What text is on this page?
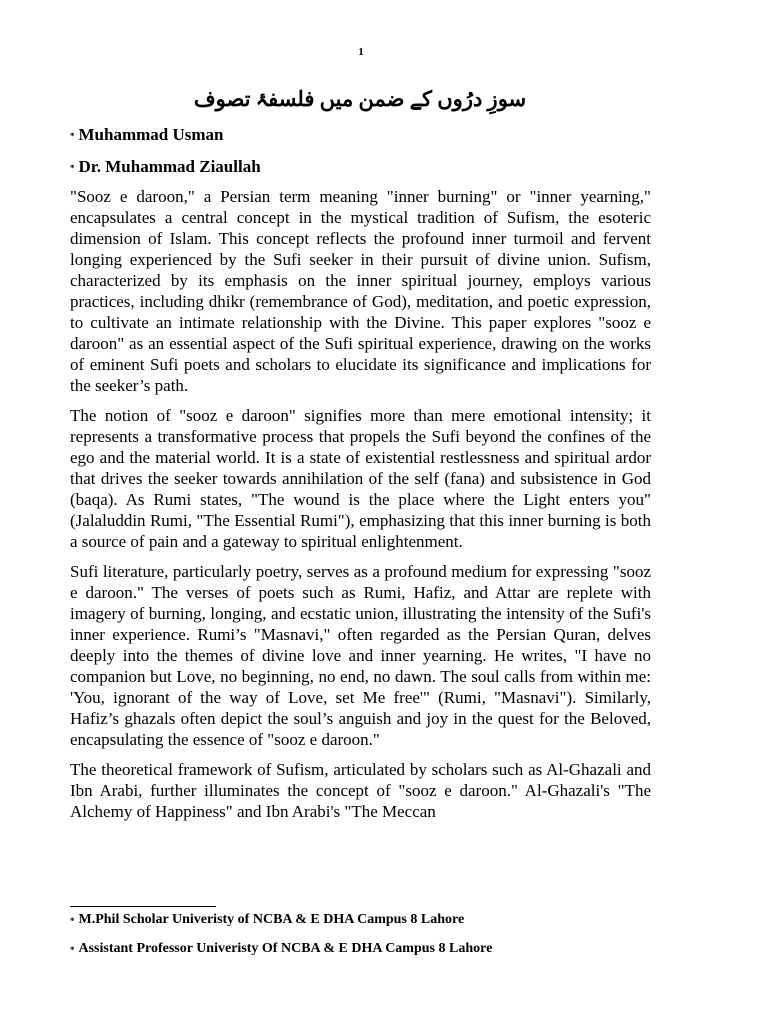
1
سوزِ درُوں کے ضمن میں فلسفۂ تصوف
* Muhammad Usman
* Dr. Muhammad Ziaullah

"Sooz e daroon," a Persian term meaning "inner burning" or "inner yearning," encapsulates a central concept in the mystical tradition of Sufism, the esoteric dimension of Islam. This concept reflects the profound inner turmoil and fervent longing experienced by the Sufi seeker in their pursuit of divine union. Sufism, characterized by its emphasis on the inner spiritual journey, employs various practices, including dhikr (remembrance of God), meditation, and poetic expression, to cultivate an intimate relationship with the Divine. This paper explores "sooz e daroon" as an essential aspect of the Sufi spiritual experience, drawing on the works of eminent Sufi poets and scholars to elucidate its significance and implications for the seeker’s path.

The notion of "sooz e daroon" signifies more than mere emotional intensity; it represents a transformative process that propels the Sufi beyond the confines of the ego and the material world. It is a state of existential restlessness and spiritual ardor that drives the seeker towards annihilation of the self (fana) and subsistence in God (baqa). As Rumi states, "The wound is the place where the Light enters you" (Jalaluddin Rumi, "The Essential Rumi"), emphasizing that this inner burning is both a source of pain and a gateway to spiritual enlightenment.

Sufi literature, particularly poetry, serves as a profound medium for expressing "sooz e daroon." The verses of poets such as Rumi, Hafiz, and Attar are replete with imagery of burning, longing, and ecstatic union, illustrating the intensity of the Sufi's inner experience. Rumi’s "Masnavi," often regarded as the Persian Quran, delves deeply into the themes of divine love and inner yearning. He writes, "I have no companion but Love, no beginning, no end, no dawn. The soul calls from within me: 'You, ignorant of the way of Love, set Me free'" (Rumi, "Masnavi"). Similarly, Hafiz’s ghazals often depict the soul’s anguish and joy in the quest for the Beloved, encapsulating the essence of "sooz e daroon."

The theoretical framework of Sufism, articulated by scholars such as Al-Ghazali and Ibn Arabi, further illuminates the concept of "sooz e daroon." Al-Ghazali's "The Alchemy of Happiness" and Ibn Arabi's "The Meccan

* M.Phil Scholar Univeristy of NCBA & E DHA Campus 8 Lahore
* Assistant Professor Univeristy Of NCBA & E DHA Campus 8 Lahore
